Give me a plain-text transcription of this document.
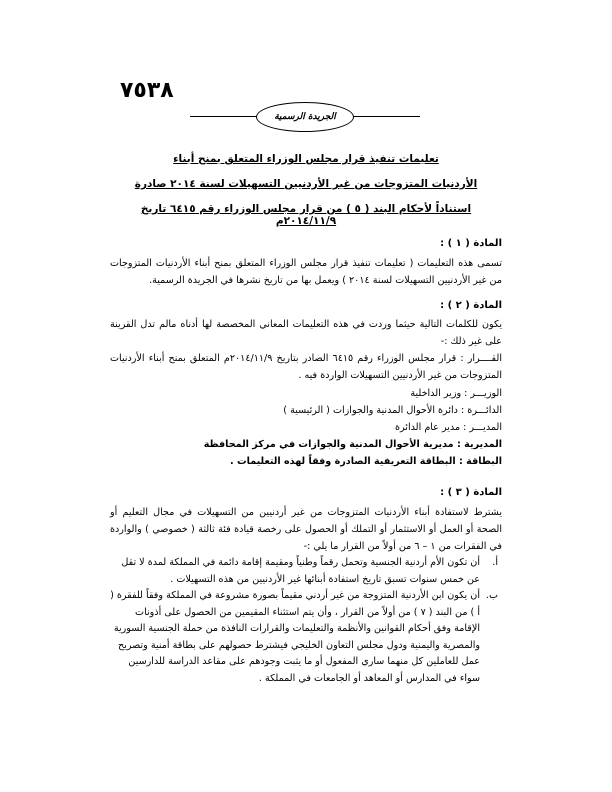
٧٥٣٨
الجريدة الرسمية
تعليمات تنفيذ قرار مجلس الوزراء المتعلق بمنح أبناء
الأردنيات المتزوجات من غير الأردنيين التسهيلات لسنة ٢٠١٤ صادرة
استناداً لأحكام البند ( ٥ ) من قرار مجلس الوزراء رقم ٦٤١٥ تاريخ ٢٠١٤/١١/٩م
المادة ( ١ ) :
تسمى هذه التعليمات ( تعليمات تنفيذ قرار مجلس الوزراء المتعلق بمنح أبناء الأردنيات المتزوجات من غير الأردنيين التسهيلات لسنة ٢٠١٤ ) ويعمل بها من تاريخ نشرها في الجريدة الرسمية.
المادة ( ٢ ) :
يكون للكلمات التالية حيثما وردت في هذه التعليمات المعاني المخصصة لها أدناه مالم تدل القرينة على غير ذلك :-
القــــرار : قرار مجلس الوزراء رقم ٦٤١٥ الصادر بتاريخ ٢٠١٤/١١/٩م المتعلق بمنح أبناء الأردنيات المتزوجات من غير الأردنيين التسهيلات الواردة فيه .
الوزيـــر : وزير الداخلية
الدائـــرة : دائرة الأحوال المدنية والجوازات ( الرئيسية )
المديـــر : مدير عام الدائرة
المديرية : مديرية الأحوال المدنية والجوازات في مركز المحافظة
البطاقة : البطاقة التعريفية الصادرة وفقاً لهذه التعليمات .
المادة ( ٣ ) :
يشترط لاستفادة أبناء الأردنيات المتزوجات من غير أردنيين من التسهيلات في مجال التعليم أو الصحة أو العمل أو الاستثمار أو التملك أو الحصول على رخصة قيادة فئة ثالثة ( خصوصي ) والواردة في الفقرات من ١ – ٦ من أولاً من القرار ما يلي :-
أ.
أن تكون الأم أردنية الجنسية وتحمل رقماً وطنياً ومقيمة إقامة دائمة في المملكة لمدة لا تقل عن خمس سنوات تسبق تاريخ استفادة أبنائها غير الأردنيين من هذه التسهيلات .
ب.
أن يكون ابن الأردنية المتزوجة من غير أردني مقيماً بصورة مشروعة في المملكة وفقاً للفقرة ( أ ) من البند ( ٧ ) من أولاً من القرار ، وأن يتم استثناء المقيمين من الحصول على أذونات الإقامة وفق أحكام القوانين والأنظمة والتعليمات والقرارات النافذة من حملة الجنسية السورية والمصرية واليمنية ودول مجلس التعاون الخليجي فيشترط حصولهم على بطاقة أمنية وتصريح عمل للعاملين كل منهما ساري المفعول أو ما يثبت وجودهم على مقاعد الدراسة للدارسين سواء في المدارس أو المعاهد أو الجامعات في المملكة .
